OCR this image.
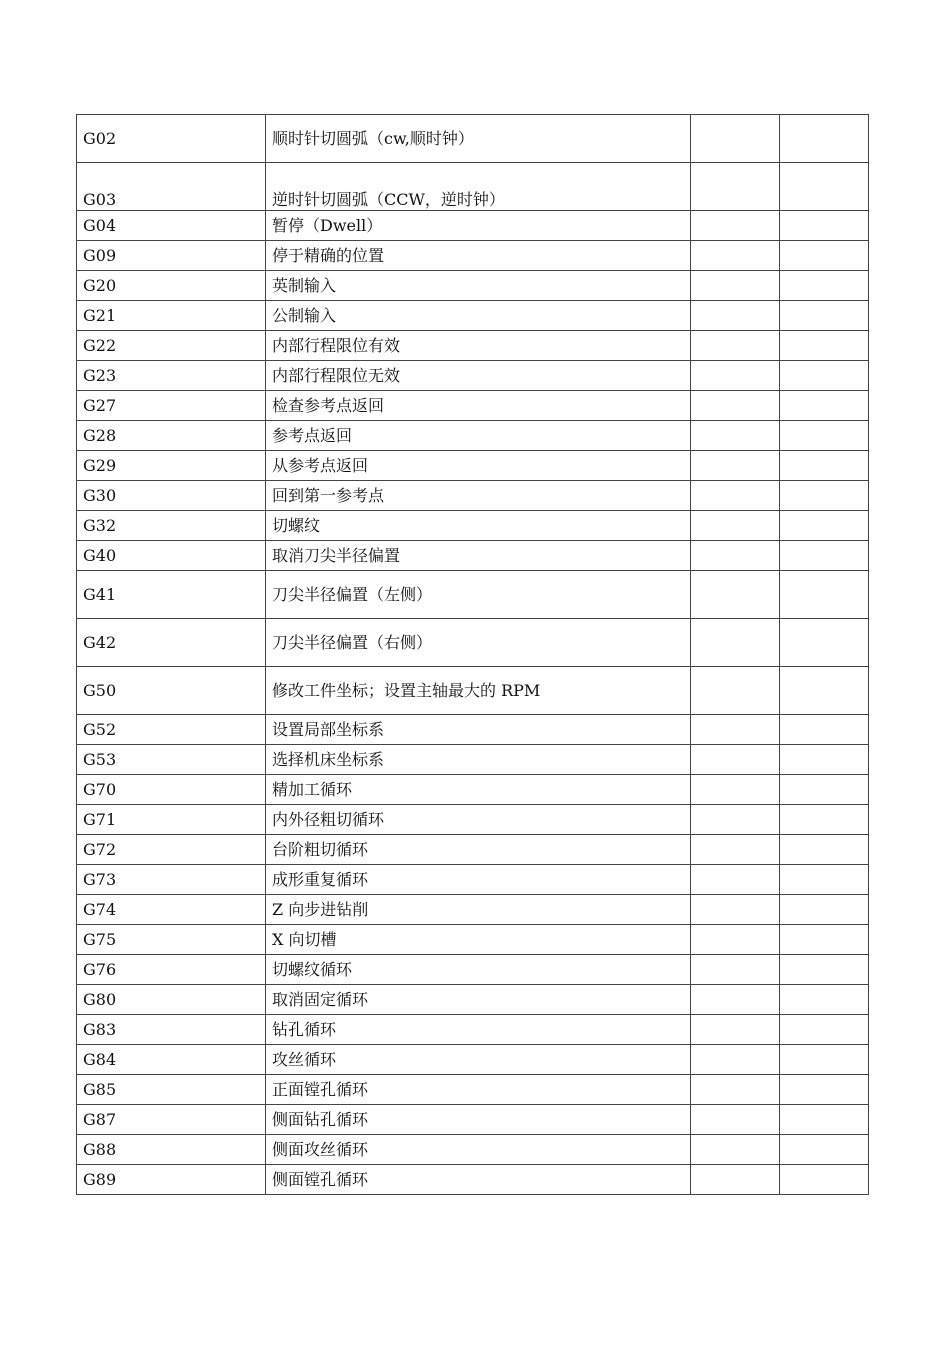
G02	顺时针切圆弧（cw,顺时钟）		
G03	逆时针切圆弧（CCW，逆时钟）		
G04	暂停（Dwell）		
G09	停于精确的位置		
G20	英制输入		
G21	公制输入		
G22	内部行程限位有效		
G23	内部行程限位无效		
G27	检查参考点返回		
G28	参考点返回		
G29	从参考点返回		
G30	回到第一参考点		
G32	切螺纹		
G40	取消刀尖半径偏置		
G41	刀尖半径偏置（左侧）		
G42	刀尖半径偏置（右侧）		
G50	修改工件坐标；设置主轴最大的 RPM		
G52	设置局部坐标系		
G53	选择机床坐标系		
G70	精加工循环		
G71	内外径粗切循环		
G72	台阶粗切循环		
G73	成形重复循环		
G74	Z 向步进钻削		
G75	X 向切槽		
G76	切螺纹循环		
G80	取消固定循环		
G83	钻孔循环		
G84	攻丝循环		
G85	正面镗孔循环		
G87	侧面钻孔循环		
G88	侧面攻丝循环		
G89	侧面镗孔循环		
